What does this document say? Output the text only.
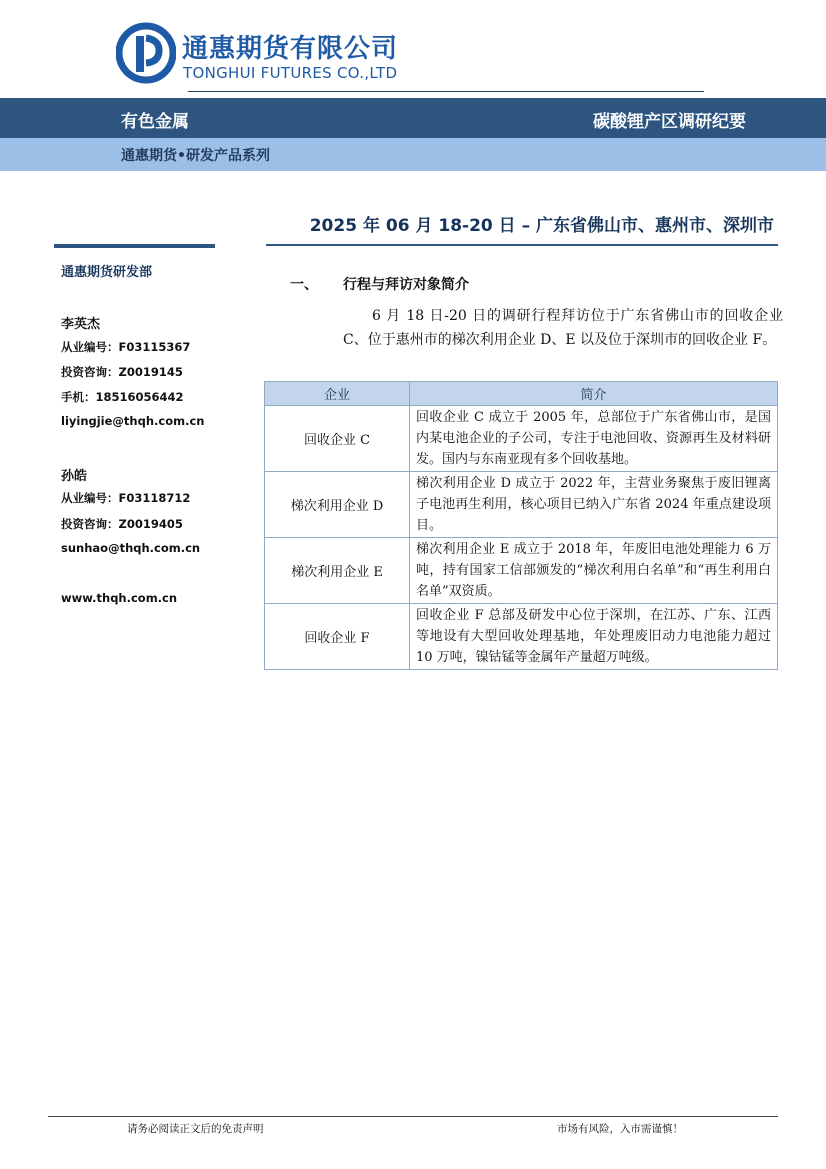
通惠期货有限公司
TONGHUI FUTURES CO.,LTD
有色金属	碳酸锂产区调研纪要
通惠期货•研发产品系列
2025 年 06 月 18-20 日 – 广东省佛山市、惠州市、深圳市
通惠期货研发部
李英杰
从业编号：F03115367
投资咨询：Z0019145
手机：18516056442
liyingjie@thqh.com.cn
孙皓
从业编号：F03118712
投资咨询：Z0019405
sunhao@thqh.com.cn
www.thqh.com.cn
一、 行程与拜访对象简介
6 月 18 日-20 日的调研行程拜访位于广东省佛山市的回收企业 C、位于惠州市的梯次利用企业 D、E 以及位于深圳市的回收企业 F。
企业	简介
回收企业 C	回收企业 C 成立于 2005 年，总部位于广东省佛山市，是国内某电池企业的子公司，专注于电池回收、资源再生及材料研发。国内与东南亚现有多个回收基地。
梯次利用企业 D	梯次利用企业 D 成立于 2022 年，主营业务聚焦于废旧锂离子电池再生利用，核心项目已纳入广东省 2024 年重点建设项目。
梯次利用企业 E	梯次利用企业 E 成立于 2018 年，年废旧电池处理能力 6 万吨，持有国家工信部颁发的“梯次利用白名单”和“再生利用白名单”双资质。
回收企业 F	回收企业 F 总部及研发中心位于深圳，在江苏、广东、江西等地设有大型回收处理基地，年处理废旧动力电池能力超过 10 万吨，镍钴锰等金属年产量超万吨级。
请务必阅读正文后的免责声明	市场有风险，入市需谨慎！
